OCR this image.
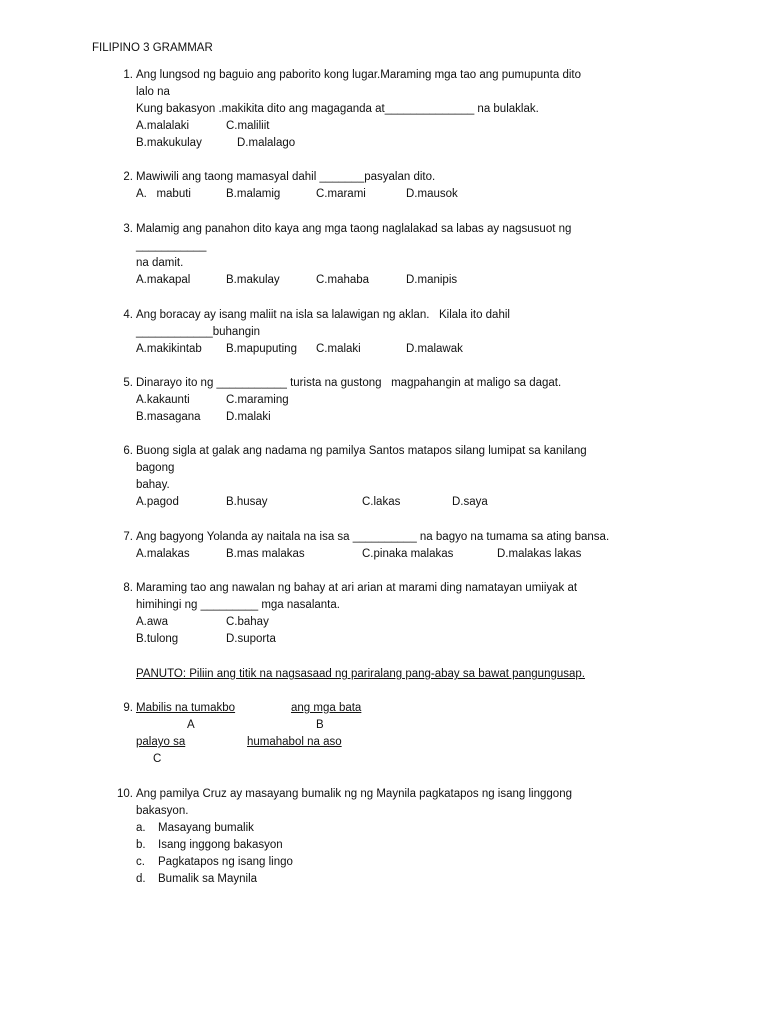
FILIPINO 3 GRAMMAR
1. Ang lungsod ng baguio ang paborito kong lugar.Maraming mga tao ang pumupunta dito
lalo na
Kung bakasyon .makikita dito ang magaganda at______________ na bulaklak.
A.malalaki	C.maliliit
B.makukulay	D.malalago
2. Mawiwili ang taong mamasyal dahil _______pasyalan dito.
A.   mabuti	B.malamig	C.marami	D.mausok
3. Malamig ang panahon dito kaya ang mga taong naglalakad sa labas ay nagsusuot ng
___________
na damit.
A.makapal	B.makulay	C.mahaba	D.manipis
4. Ang boracay ay isang maliit na isla sa lalawigan ng aklan.   Kilala ito dahil
____________buhangin
A.makikintab B.mapuputing C.malaki	D.malawak
5. Dinarayo ito ng ___________ turista na gustong   magpahangin at maligo sa dagat.
A.kakaunti	C.maraming
B.masagana D.malaki
6. Buong sigla at galak ang nadama ng pamilya Santos matapos silang lumipat sa kanilang
bagong
bahay.
A.pagod	B.husay	C.lakas	D.saya
7. Ang bagyong Yolanda ay naitala na isa sa __________ na bagyo na tumama sa ating bansa.
A.malakas	B.mas malakas	C.pinaka malakas	D.malakas lakas
8. Maraming tao ang nawalan ng bahay at ari arian at marami ding namatayan umiiyak at
himihingi ng _________ mga nasalanta.
A.awa	C.bahay
B.tulong	D.suporta
PANUTO: Piliin ang titik na nagsasaad ng pariralang pang-abay sa bawat pangungusap.
9. Mabilis na tumakbo	ang mga bata
A	B
palayo sa	humahabol na aso
C
10. Ang pamilya Cruz ay masayang bumalik ng ng Maynila pagkatapos ng isang linggong
bakasyon.
a. Masayang bumalik
b. Isang inggong bakasyon
c. Pagkatapos ng isang lingo
d. Bumalik sa Maynila
